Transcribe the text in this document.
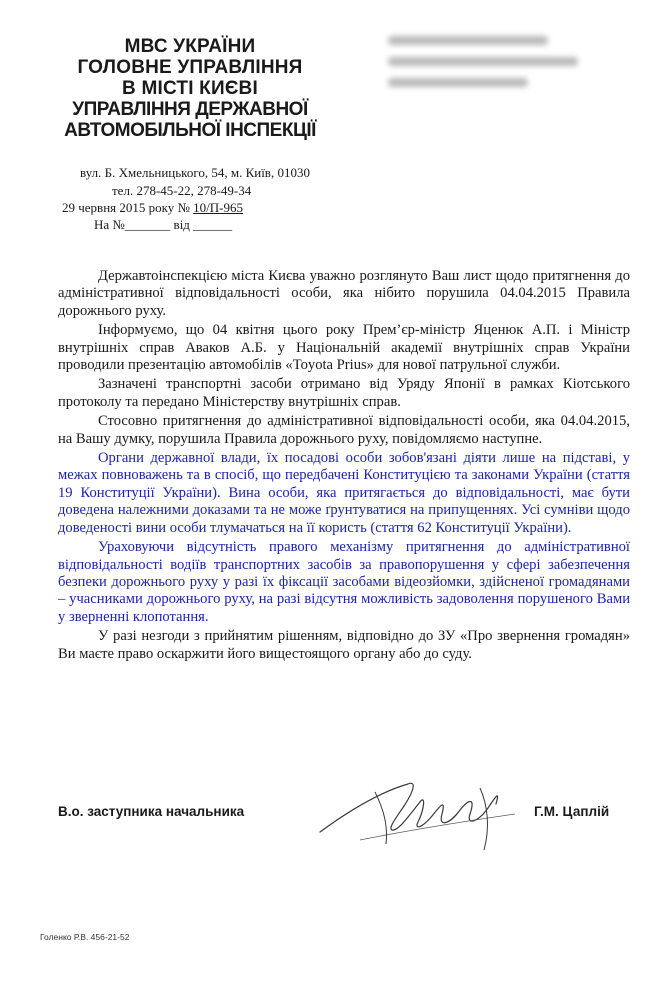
МВС УКРАЇНИ
ГОЛОВНЕ УПРАВЛІННЯ
В МІСТІ КИЄВІ
УПРАВЛІННЯ ДЕРЖАВНОЇ
АВТОМОБІЛЬНОЇ ІНСПЕКЦІЇ
вул. Б. Хмельницького, 54, м. Київ, 01030
тел. 278-45-22, 278-49-34
29 червня 2015 року № 10/П-965
На №_______ від ______

Державтоінспекцією міста Києва уважно розглянуто Ваш лист щодо притягнення до адміністративної відповідальності особи, яка нібито порушила 04.04.2015 Правила дорожнього руху.

Інформуємо, що 04 квітня цього року Прем’єр-міністр Яценюк А.П. і Міністр внутрішніх справ Аваков А.Б. у Національній академії внутрішніх справ України проводили презентацію автомобілів «Toyota Prius» для нової патрульної служби.

Зазначені транспортні засоби отримано від Уряду Японії в рамках Кіотського протоколу та передано Міністерству внутрішніх справ.

Стосовно притягнення до адміністративної відповідальності особи, яка 04.04.2015, на Вашу думку, порушила Правила дорожнього руху, повідомляємо наступне.

Органи державної влади, їх посадові особи зобов'язані діяти лише на підставі, у межах повноважень та в спосіб, що передбачені Конституцією та законами України (стаття 19 Конституції України). Вина особи, яка притягається до відповідальності, має бути доведена належними доказами та не може ґрунтуватися на припущеннях. Усі сумніви щодо доведеності вини особи тлумачаться на її користь (стаття 62 Конституції України).

Ураховуючи відсутність правого механізму притягнення до адміністративної відповідальності водіїв транспортних засобів за правопорушення у сфері забезпечення безпеки дорожнього руху у разі їх фіксації засобами відеозйомки, здійсненої громадянами – учасниками дорожнього руху, на разі відсутня можливість задоволення порушеного Вами у зверненні клопотання.

У разі незгоди з прийнятим рішенням, відповідно до ЗУ «Про звернення громадян» Ви маєте право оскаржити його вищестоящого органу або до суду.

В.о. заступника начальника	Г.М. Цаплій
Голенко Р.В. 456-21-52
